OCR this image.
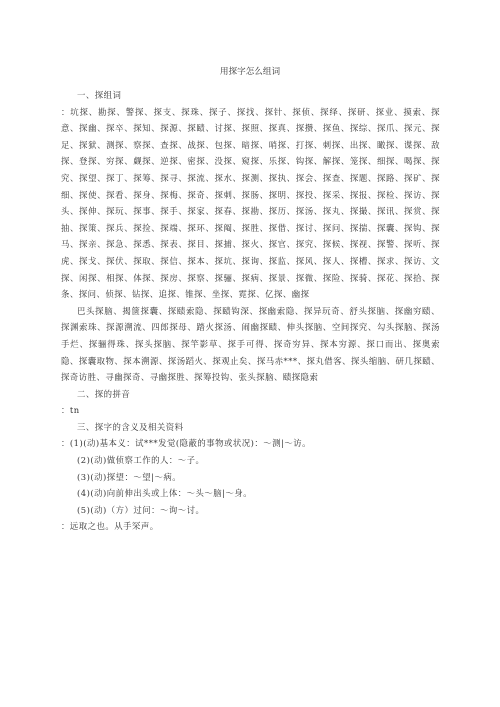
用探字怎么组词

一、探组词

：坑探、勘探、警探、探支、探珠、探子、探找、探针、探侦、探绎、探研、探业、摸索、探意、探幽、探卒、探知、探源、探赜、讨探、探照、探真、探攒、探鱼、探综、探爪、探元、探足、探狱、测探、察探、查探、战探、包探、暗探、哨探、打探、刺探、出探、瞰探、谍探、敌探、登探、穷探、觑探、逆探、密探、没探、窥探、乐探、钩探、解探、笼探、细探、喝探、探究、探望、探丁、探筹、探寻、探流、探水、探测、探执、探会、探查、探题、探路、探矿、探细、探使、探看、探身、探梅、探奇、探刺、探肠、探明、探投、探采、探报、探检、探访、探头、探伸、探玩、探事、探手、探家、探春、探勘、探历、探汤、探丸、探撮、探讯、探赏、探抽、探策、探兵、探捡、探端、探环、探阄、探胜、探借、探讨、探问、探揣、探囊、探钩、探马、探亲、探急、探悉、探表、探目、探捕、探火、探官、探究、探候、探视、探警、探听、探虎、探戈、探伏、探取、探信、探本、探坑、探询、探监、探风、探人、探槽、探求、探访、文探、闲探、相探、体探、探房、探察、探骊、探病、探景、探微、探险、探骑、探花、探拾、探条、探问、侦探、钻探、追探、锥探、坐探、霓探、亿探、幽探

巴头探脑、揭箧探囊、探赜索隐、探赜钩深、探幽索隐、探异玩奇、舒头探脑、探幽穷赜、探渊索珠、探源溯流、四郎探母、踏火探汤、闹幽探赜、伸头探脑、空间探究、勾头探脑、探汤手烂、探骊得珠、探头探脑、探竿影草、探手可得、探奇穷异、探本穷源、探口而出、探奥索隐、探囊取物、探本溯源、探汤蹈火、探观止矣、探马赤***、探丸借客、探头缩脑、研几探赜、探奇访胜、寻幽探奇、寻幽探胜、探筹投钩、张头探脑、赜探隐索

二、探的拼音

：tn

三、探字的含义及相关资料

：(1)(动)基本义：试***发觉(隐蔽的事物或状况)：～测|～访。

(2)(动)做侦察工作的人：～子。

(3)(动)探望：～望|～病。

(4)(动)向前伸出头或上体：～头～脑|～身。

(5)(动)（方）过问：～询～讨。

：远取之也。从手罙声。
